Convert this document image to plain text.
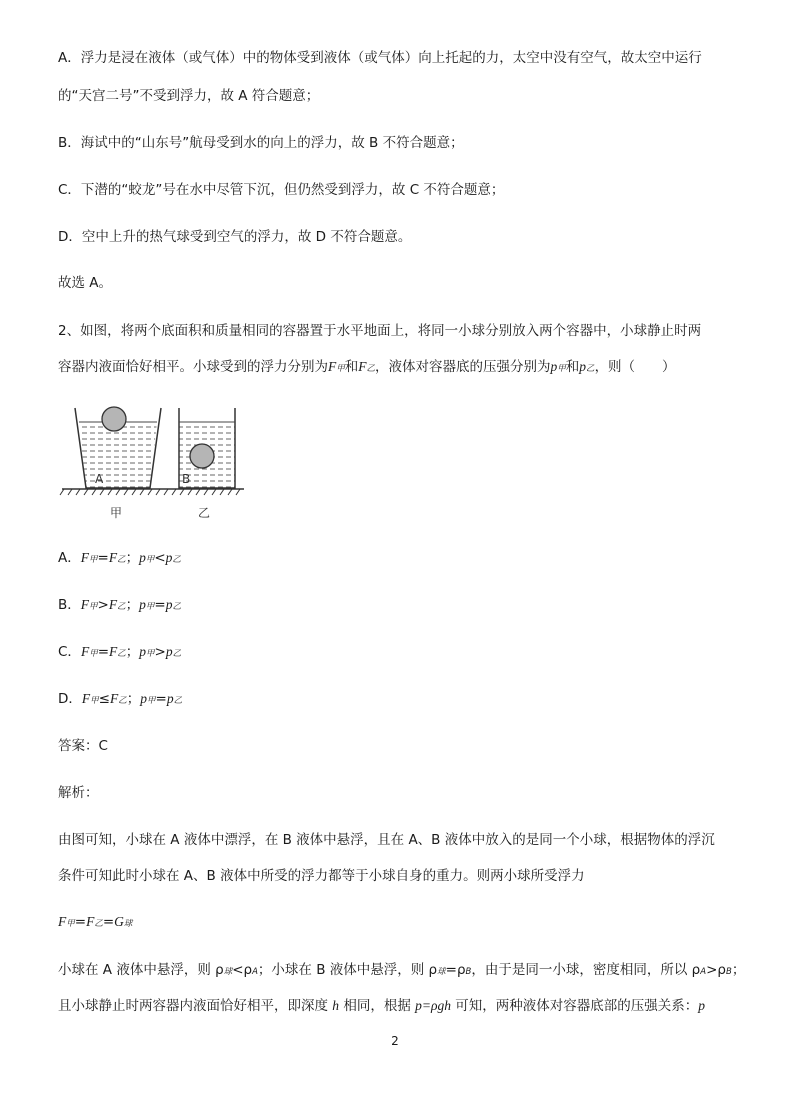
A．浮力是浸在液体（或气体）中的物体受到液体（或气体）向上托起的力，太空中没有空气，故太空中运行
的“天宫二号”不受到浮力，故 A 符合题意；
B．海试中的“山东号”航母受到水的向上的浮力，故 B 不符合题意；
C．下潜的“蛟龙”号在水中尽管下沉，但仍然受到浮力，故 C 不符合题意；
D．空中上升的热气球受到空气的浮力，故 D 不符合题意。
故选 A。
2、如图，将两个底面积和质量相同的容器置于水平地面上，将同一小球分别放入两个容器中，小球静止时两
容器内液面恰好相平。小球受到的浮力分别为F甲和F乙，液体对容器底的压强分别为p甲和p乙，则（　　）
A	B
甲	乙
A．F甲=F乙；p甲<p乙
B．F甲>F乙；p甲=p乙
C．F甲=F乙；p甲>p乙
D．F甲≤F乙；p甲=p乙
答案：C
解析：
由图可知，小球在 A 液体中漂浮，在 B 液体中悬浮，且在 A、B 液体中放入的是同一个小球，根据物体的浮沉
条件可知此时小球在 A、B 液体中所受的浮力都等于小球自身的重力。则两小球所受浮力
F甲=F乙=G球
小球在 A 液体中悬浮，则 ρ球<ρA；小球在 B 液体中悬浮，则 ρ球=ρB，由于是同一小球，密度相同，所以 ρA>ρB；
且小球静止时两容器内液面恰好相平，即深度 h 相同，根据 p=ρgh 可知，两种液体对容器底部的压强关系：p
2
